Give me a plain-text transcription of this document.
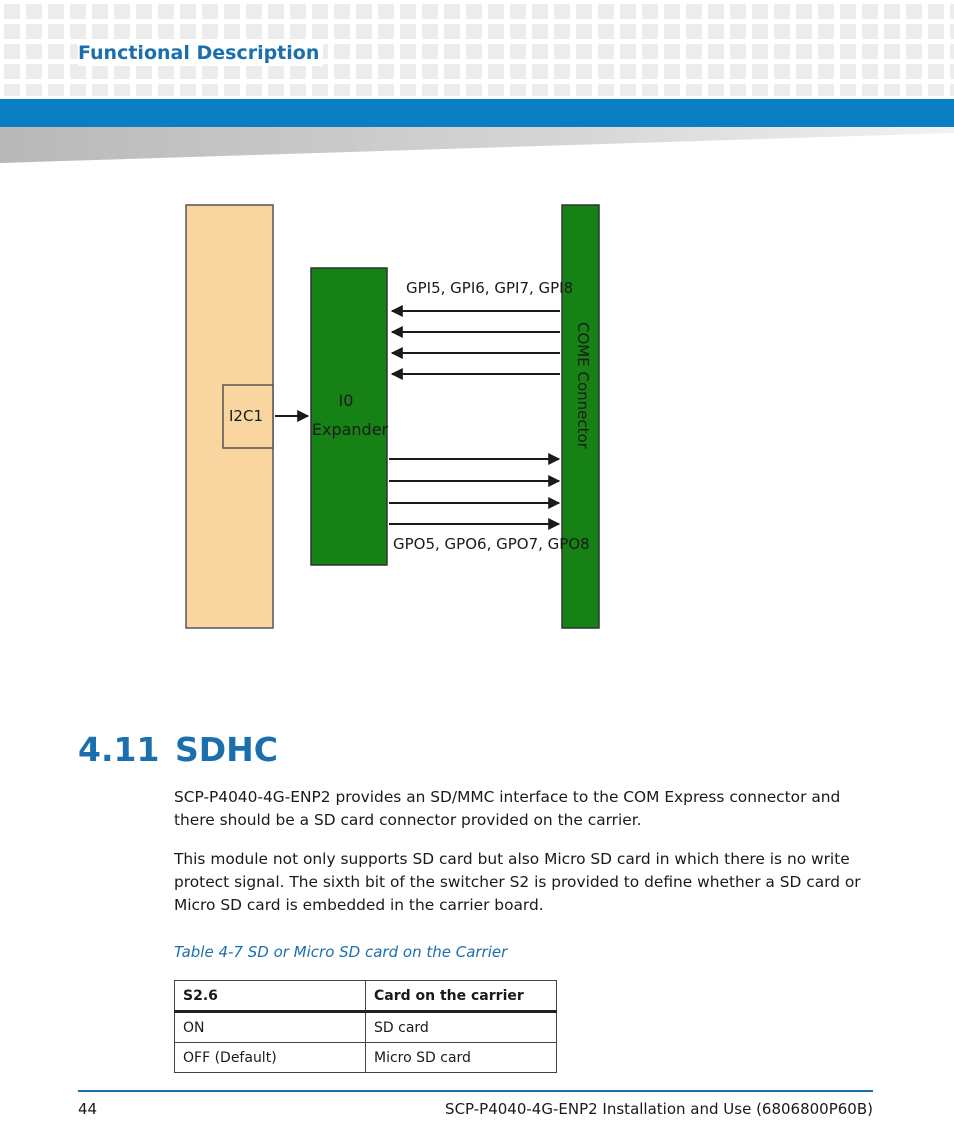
Functional Description
I2C1
I0
Expander	COME Connector
GPI5, GPI6, GPI7, GPI8
GPO5, GPO6, GPO7, GPO8
4.11 SDHC

SCP-P4040-4G-ENP2 provides an SD/MMC interface to the COM Express connector and there should be a SD card connector provided on the carrier.

This module not only supports SD card but also Micro SD card in which there is no write protect signal. The sixth bit of the switcher S2 is provided to define whether a SD card or Micro SD card is embedded in the carrier board.

Table 4-7 SD or Micro SD card on the Carrier
S2.6	Card on the carrier
ON	SD card
OFF (Default)	Micro SD card
44	SCP-P4040-4G-ENP2 Installation and Use (6806800P60B)
